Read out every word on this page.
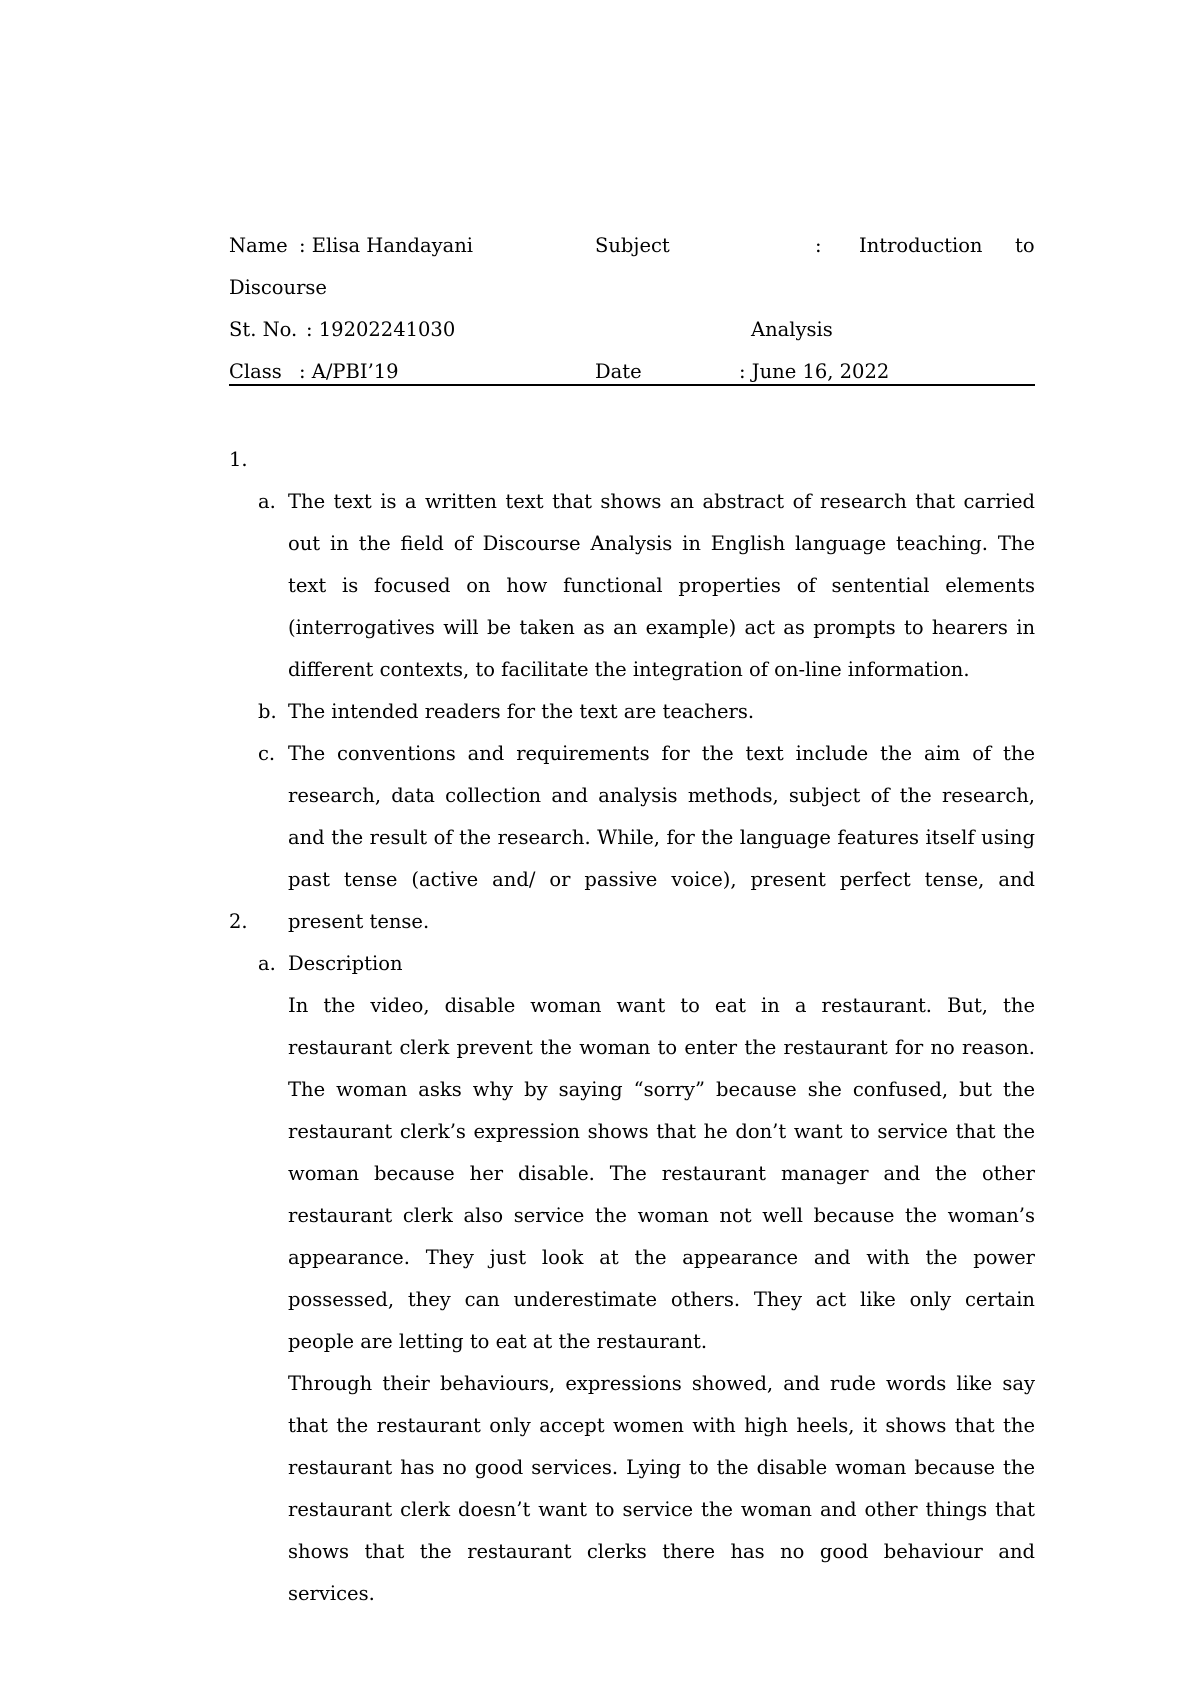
Name : Elisa Handayani	Subject	: Introduction to
Discourse
St. No. : 19202241030	Analysis
Class : A/PBI’19	Date	: June 16, 2022
1.
a. The text is a written text that shows an abstract of research that carried out in the field of Discourse Analysis in English language teaching. The text is focused on how functional properties of sentential elements (interrogatives will be taken as an example) act as prompts to hearers in different contexts, to facilitate the integration of on-line information.
b. The intended readers for the text are teachers.
c. The conventions and requirements for the text include the aim of the research, data collection and analysis methods, subject of the research, and the result of the research. While, for the language features itself using past tense (active and/ or passive voice), present perfect tense, and present tense.
2.
a. Description

In the video, disable woman want to eat in a restaurant. But, the restaurant clerk prevent the woman to enter the restaurant for no reason. The woman asks why by saying “sorry” because she confused, but the restaurant clerk’s expression shows that he don’t want to service that the woman because her disable. The restaurant manager and the other restaurant clerk also service the woman not well because the woman’s appearance. They just look at the appearance and with the power possessed, they can underestimate others. They act like only certain people are letting to eat at the restaurant.

Through their behaviours, expressions showed, and rude words like say that the restaurant only accept women with high heels, it shows that the restaurant has no good services. Lying to the disable woman because the restaurant clerk doesn’t want to service the woman and other things that shows that the restaurant clerks there has no good behaviour and services.
